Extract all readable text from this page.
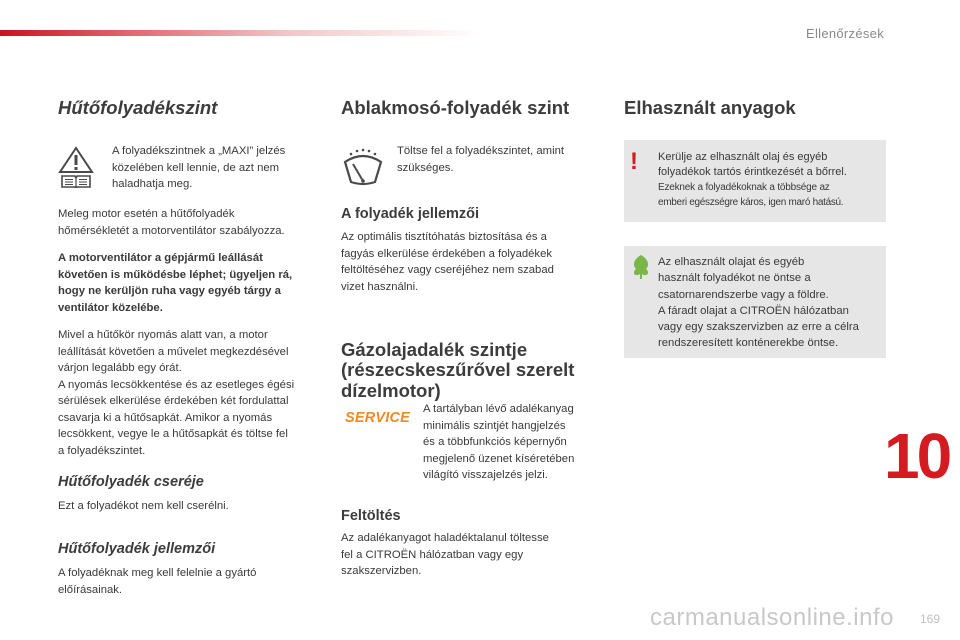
Ellenőrzések
Hűtőfolyadékszint

A folyadékszintnek a „MAXI” jelzés

közelében kell lennie, de azt nem

haladhatja meg.

Meleg motor esetén a hűtőfolyadék

hőmérsékletét a motorventilátor szabályozza.

A motorventilátor a gépjármű leállását

követően is működésbe léphet; ügyeljen rá,

hogy ne kerüljön ruha vagy egyéb tárgy a

ventilátor közelébe.

Mivel a hűtőkör nyomás alatt van, a motor

leállítását követően a művelet megkezdésével

várjon legalább egy órát.

A nyomás lecsökkentése és az esetleges égési

sérülések elkerülése érdekében két fordulattal

csavarja ki a hűtősapkát. Amikor a nyomás

lecsökkent, vegye le a hűtősapkát és töltse fel

a folyadékszintet.

Hűtőfolyadék cseréje

Ezt a folyadékot nem kell cserélni.

Hűtőfolyadék jellemzői

A folyadéknak meg kell felelnie a gyártó

előírásainak.

Ablakmosó-folyadék szint

Töltse fel a folyadékszintet, amint

szükséges.

A folyadék jellemzői

Az optimális tisztítóhatás biztosítása és a

fagyás elkerülése érdekében a folyadékek

feltöltéséhez vagy cseréjéhez nem szabad

vizet használni.

Gázolajadalék szintje
(részecskeszűrővel szerelt
dízelmotor)
SERVICE

A tartályban lévő adalékanyag

minimális szintjét hangjelzés

és a többfunkciós képernyőn

megjelenő üzenet kíséretében

világító visszajelzés jelzi.

Feltöltés

Az adalékanyagot haladéktalanul töltesse

fel a CITROËN hálózatban vagy egy

szakszervizben.

Elhasznált anyagok
! Kerülje az elhasznált olaj és egyéb

folyadékok tartós érintkezését a bőrrel.

Ezeknek a folyadékoknak a többsége az

emberi egészségre káros, igen maró hatású.

Az elhasznált olajat és egyéb

használt folyadékot ne öntse a

csatornarendszerbe vagy a földre.

A fáradt olajat a CITROËN hálózatban

vagy egy szakszervizben az erre a célra

rendszeresített konténerekbe öntse.

10
169
carmanualsonline.info
